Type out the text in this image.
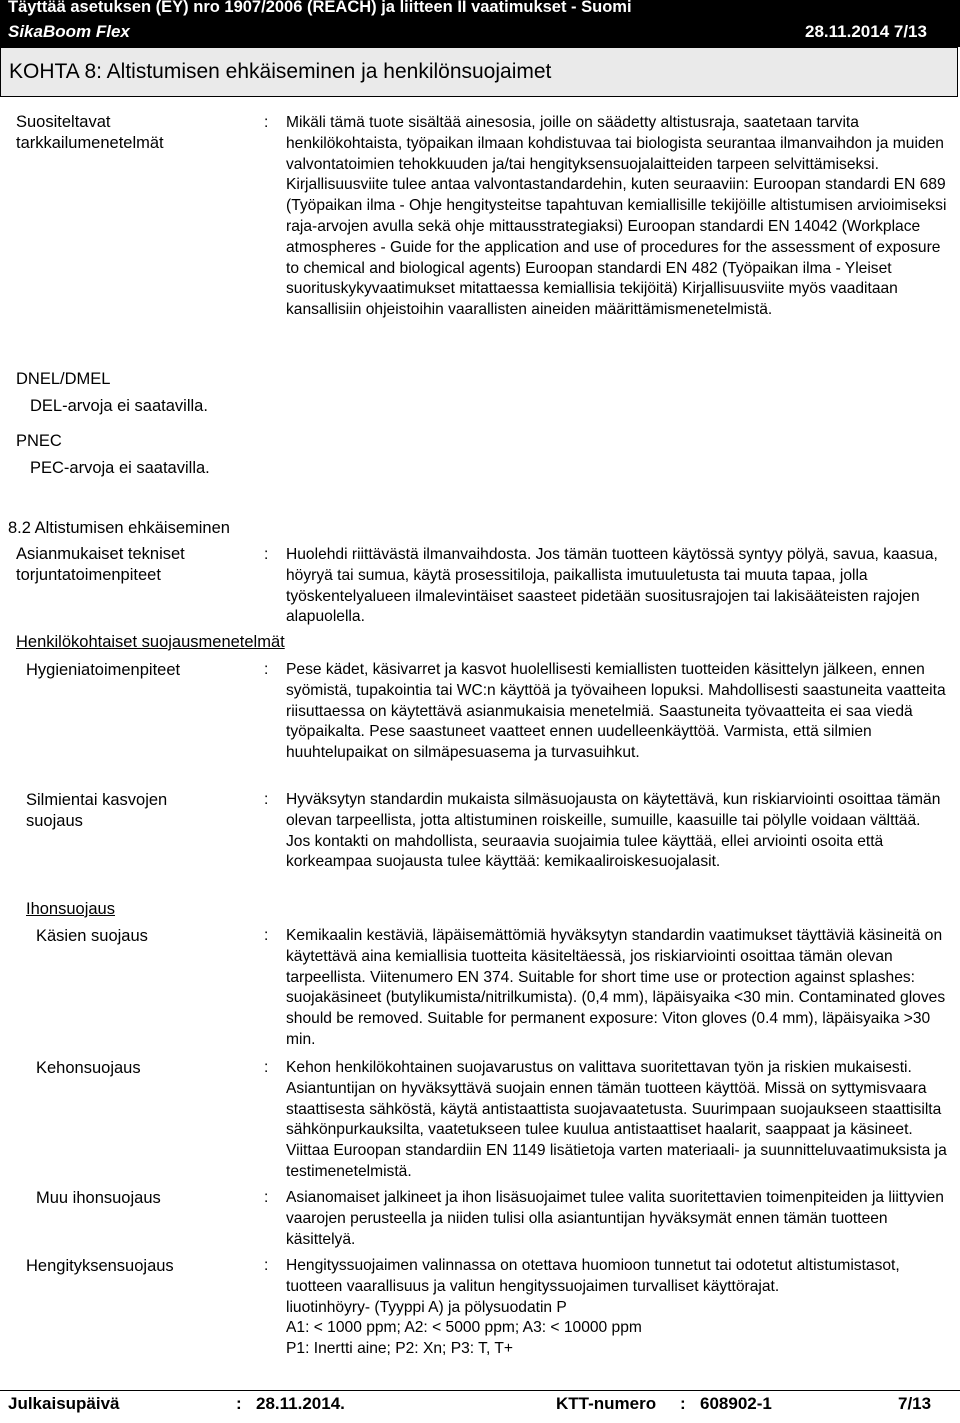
Täyttää asetuksen (EY) nro 1907/2006 (REACH) ja liitteen II vaatimukset - Suomi
SikaBoom Flex	28.11.2014 7/13
KOHTA 8: Altistumisen ehkäiseminen ja henkilönsuojaimet
Suositeltavat
tarkkailumenetelmät
: Mikäli tämä tuote sisältää ainesosia, joille on säädetty altistusraja, saatetaan tarvita henkilökohtaista, työpaikan ilmaan kohdistuvaa tai biologista seurantaa ilmanvaihdon ja muiden valvontatoimien tehokkuuden ja/tai hengityksensuojalaitteiden tarpeen selvittämiseksi. Kirjallisuusviite tulee antaa valvontastandardehin, kuten seuraaviin: Euroopan standardi EN 689 (Työpaikan ilma - Ohje hengitysteitse tapahtuvan kemiallisille tekijöille altistumisen arvioimiseksi raja-arvojen avulla sekä ohje mittausstrategiaksi) Euroopan standardi EN 14042 (Workplace atmospheres - Guide for the application and use of procedures for the assessment of exposure to chemical and biological agents) Euroopan standardi EN 482 (Työpaikan ilma - Yleiset suorituskykyvaatimukset mitattaessa kemiallisia tekijöitä) Kirjallisuusviite myös vaaditaan kansallisiin ohjeistoihin vaarallisten aineiden määrittämismenetelmistä.
DNEL/DMEL
DEL-arvoja ei saatavilla.
PNEC
PEC-arvoja ei saatavilla.
8.2 Altistumisen ehkäiseminen
Asianmukaiset tekniset
torjuntatoimenpiteet
: Huolehdi riittävästä ilmanvaihdosta. Jos tämän tuotteen käytössä syntyy pölyä, savua, kaasua, höyryä tai sumua, käytä prosessitiloja, paikallista imutuuletusta tai muuta tapaa, jolla työskentelyalueen ilmalevintäiset saasteet pidetään suositusrajojen tai lakisääteisten rajojen alapuolella.
Henkilökohtaiset suojausmenetelmät
Hygieniatoimenpiteet	: Pese kädet, käsivarret ja kasvot huolellisesti kemiallisten tuotteiden käsittelyn jälkeen, ennen syömistä, tupakointia tai WC:n käyttöä ja työvaiheen lopuksi. Mahdollisesti saastuneita vaatteita riisuttaessa on käytettävä asianmukaisia menetelmiä. Saastuneita työvaatteita ei saa viedä työpaikalta. Pese saastuneet vaatteet ennen uudelleenkäyttöä. Varmista, että silmien huuhtelupaikat on silmäpesuasema ja turvasuihkut.
Silmientai kasvojen
suojaus
: Hyväksytyn standardin mukaista silmäsuojausta on käytettävä, kun riskiarviointi osoittaa tämän olevan tarpeellista, jotta altistuminen roiskeille, sumuille, kaasuille tai pölylle voidaan välttää. Jos kontakti on mahdollista, seuraavia suojaimia tulee käyttää, ellei arviointi osoita että korkeampaa suojausta tulee käyttää: kemikaaliroiskesuojalasit.
Ihonsuojaus
Käsien suojaus	: Kemikaalin kestäviä, läpäisemättömiä hyväksytyn standardin vaatimukset täyttäviä käsineitä on käytettävä aina kemiallisia tuotteita käsiteltäessä, jos riskiarviointi osoittaa tämän olevan tarpeellista. Viitenumero EN 374. Suitable for short time use or protection against splashes: suojakäsineet (butylikumista/nitrilkumista). (0,4 mm), läpäisyaika <30 min. Contaminated gloves should be removed. Suitable for permanent exposure: Viton gloves (0.4 mm), läpäisyaika >30 min.
Kehonsuojaus	: Kehon henkilökohtainen suojavarustus on valittava suoritettavan työn ja riskien mukaisesti. Asiantuntijan on hyväksyttävä suojain ennen tämän tuotteen käyttöä. Missä on syttymisvaara staattisesta sähköstä, käytä antistaattista suojavaatetusta. Suurimpaan suojaukseen staattisilta sähkönpurkauksilta, vaatetukseen tulee kuulua antistaattiset haalarit, saappaat ja käsineet. Viittaa Euroopan standardiin EN 1149 lisätietoja varten materiaali- ja suunnitteluvaatimuksista ja testimenetelmistä.
Muu ihonsuojaus	: Asianomaiset jalkineet ja ihon lisäsuojaimet tulee valita suoritettavien toimenpiteiden ja liittyvien vaarojen perusteella ja niiden tulisi olla asiantuntijan hyväksymät ennen tämän tuotteen käsittelyä.
Hengityksensuojaus	: Hengityssuojaimen valinnassa on otettava huomioon tunnetut tai odotetut altistumistasot, tuotteen vaarallisuus ja valitun hengityssuojaimen turvalliset käyttörajat.
liuotinhöyry- (Tyyppi A) ja pölysuodatin P
A1: < 1000 ppm; A2: < 5000 ppm; A3: < 10000 ppm
P1: Inertti aine; P2: Xn; P3: T, T+
Julkaisupäivä	: 28.11.2014.	KTT-numero : 608902-1	7/13
